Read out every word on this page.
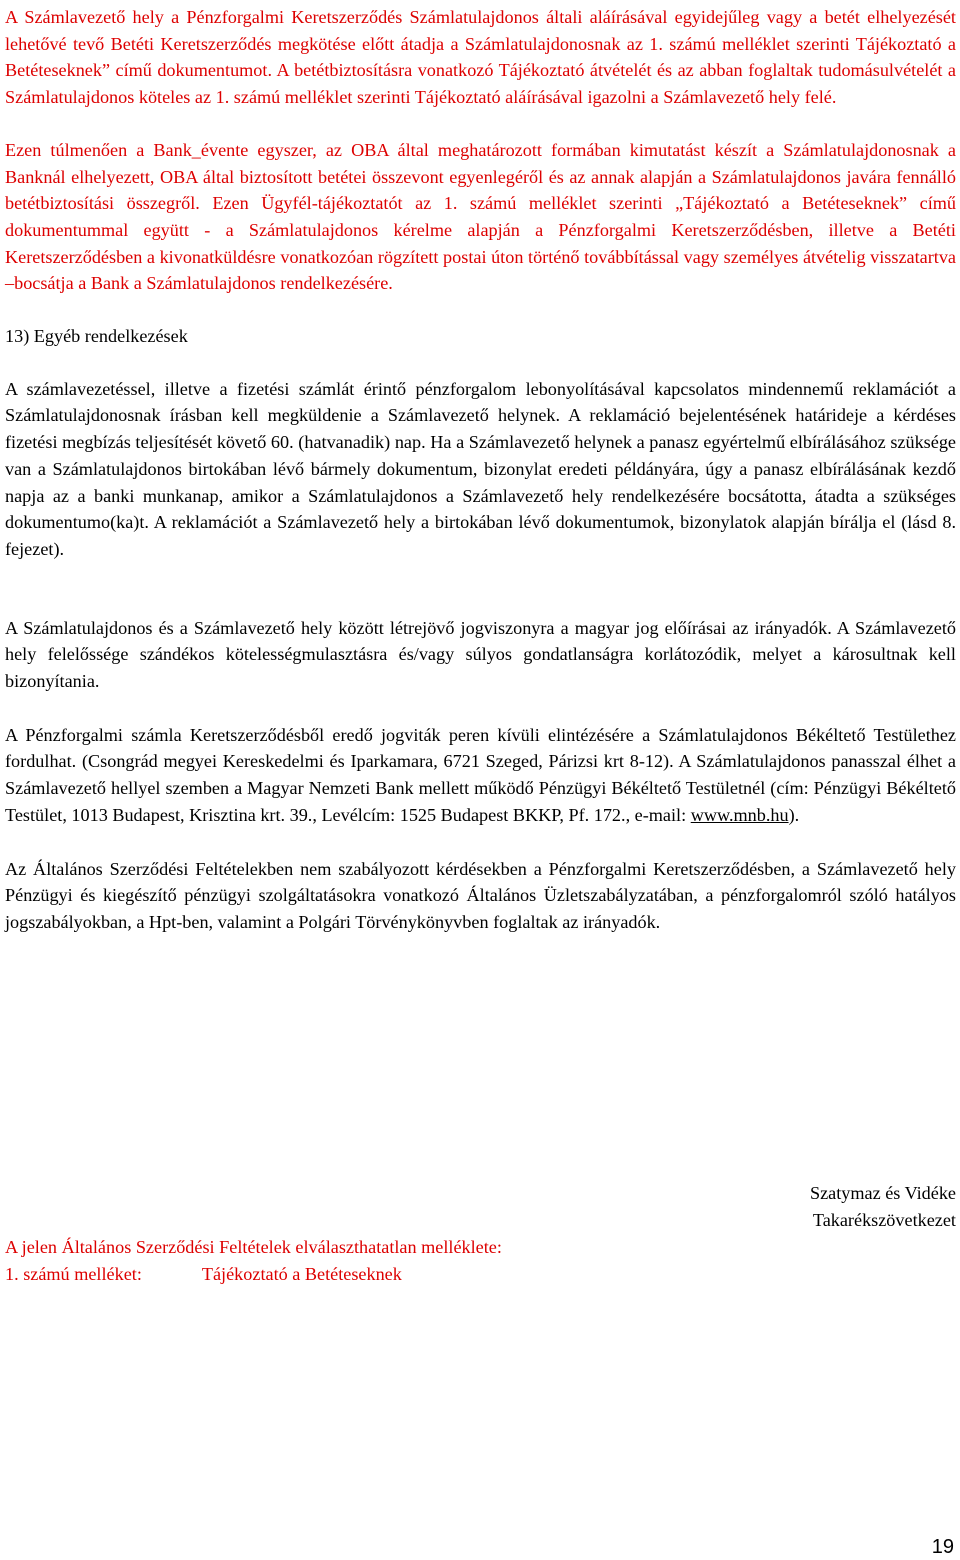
A Számlavezető hely a Pénzforgalmi Keretszerződés Számlatulajdonos általi aláírásával egyidejűleg vagy a betét elhelyezését lehetővé tevő Betéti Keretszerződés megkötése előtt átadja a Számlatulajdonosnak az 1. számú melléklet szerinti Tájékoztató a Betéteseknek” című dokumentumot. A betétbiztosításra vonatkozó Tájékoztató átvételét és az abban foglaltak tudomásulvételét a Számlatulajdonos köteles az 1. számú melléklet szerinti Tájékoztató aláírásával igazolni a Számlavezető hely felé.

Ezen túlmenően a Bank_évente egyszer, az OBA által meghatározott formában kimutatást készít a Számlatulajdonosnak a Banknál elhelyezett, OBA által biztosított betétei összevont egyenlegéről és az annak alapján a Számlatulajdonos javára fennálló betétbiztosítási összegről. Ezen Ügyfél-tájékoztatót az 1. számú melléklet szerinti „Tájékoztató a Betéteseknek” című dokumentummal együtt - a Számlatulajdonos kérelme alapján a Pénzforgalmi Keretszerződésben, illetve a Betéti Keretszerződésben a kivonatküldésre vonatkozóan rögzített postai úton történő továbbítással vagy személyes átvételig visszatartva –bocsátja a Bank a Számlatulajdonos rendelkezésére.

13) Egyéb rendelkezések

A számlavezetéssel, illetve a fizetési számlát érintő pénzforgalom lebonyolításával kapcsolatos mindennemű reklamációt a Számlatulajdonosnak írásban kell megküldenie a Számlavezető helynek. A reklamáció bejelentésének határideje a kérdéses fizetési megbízás teljesítését követő 60. (hatvanadik) nap. Ha a Számlavezető helynek a panasz egyértelmű elbírálásához szüksége van a Számlatulajdonos birtokában lévő bármely dokumentum, bizonylat eredeti példányára, úgy a panasz elbírálásának kezdő napja az a banki munkanap, amikor a Számlatulajdonos a Számlavezető hely rendelkezésére bocsátotta, átadta a szükséges dokumentumo(ka)t. A reklamációt a Számlavezető hely a birtokában lévő dokumentumok, bizonylatok alapján bírálja el (lásd 8. fejezet).

A Számlatulajdonos és a Számlavezető hely között létrejövő jogviszonyra a magyar jog előírásai az irányadók. A Számlavezető hely felelőssége szándékos kötelességmulasztásra és/vagy súlyos gondatlanságra korlátozódik, melyet a károsultnak kell bizonyítania.

A Pénzforgalmi számla Keretszerződésből eredő jogviták peren kívüli elintézésére a Számlatulajdonos Békéltető Testülethez fordulhat. (Csongrád megyei Kereskedelmi és Iparkamara, 6721 Szeged, Párizsi krt 8-12). A Számlatulajdonos panasszal élhet a Számlavezető hellyel szemben a Magyar Nemzeti Bank mellett működő Pénzügyi Békéltető Testületnél (cím: Pénzügyi Békéltető Testület, 1013 Budapest, Krisztina krt. 39., Levélcím: 1525 Budapest BKKP, Pf. 172., e-mail: www.mnb.hu).

Az Általános Szerződési Feltételekben nem szabályozott kérdésekben a Pénzforgalmi Keretszerződésben, a Számlavezető hely Pénzügyi és kiegészítő pénzügyi szolgáltatásokra vonatkozó Általános Üzletszabályzatában, a pénzforgalomról szóló hatályos jogszabályokban, a Hpt-ben, valamint a Polgári Törvénykönyvben foglaltak az irányadók.

Szatymaz és Vidéke
Takarékszövetkezet
A jelen Általános Szerződési Feltételek elválaszthatatlan melléklete:
1. számú melléket:	Tájékoztató a Betéteseknek
19
